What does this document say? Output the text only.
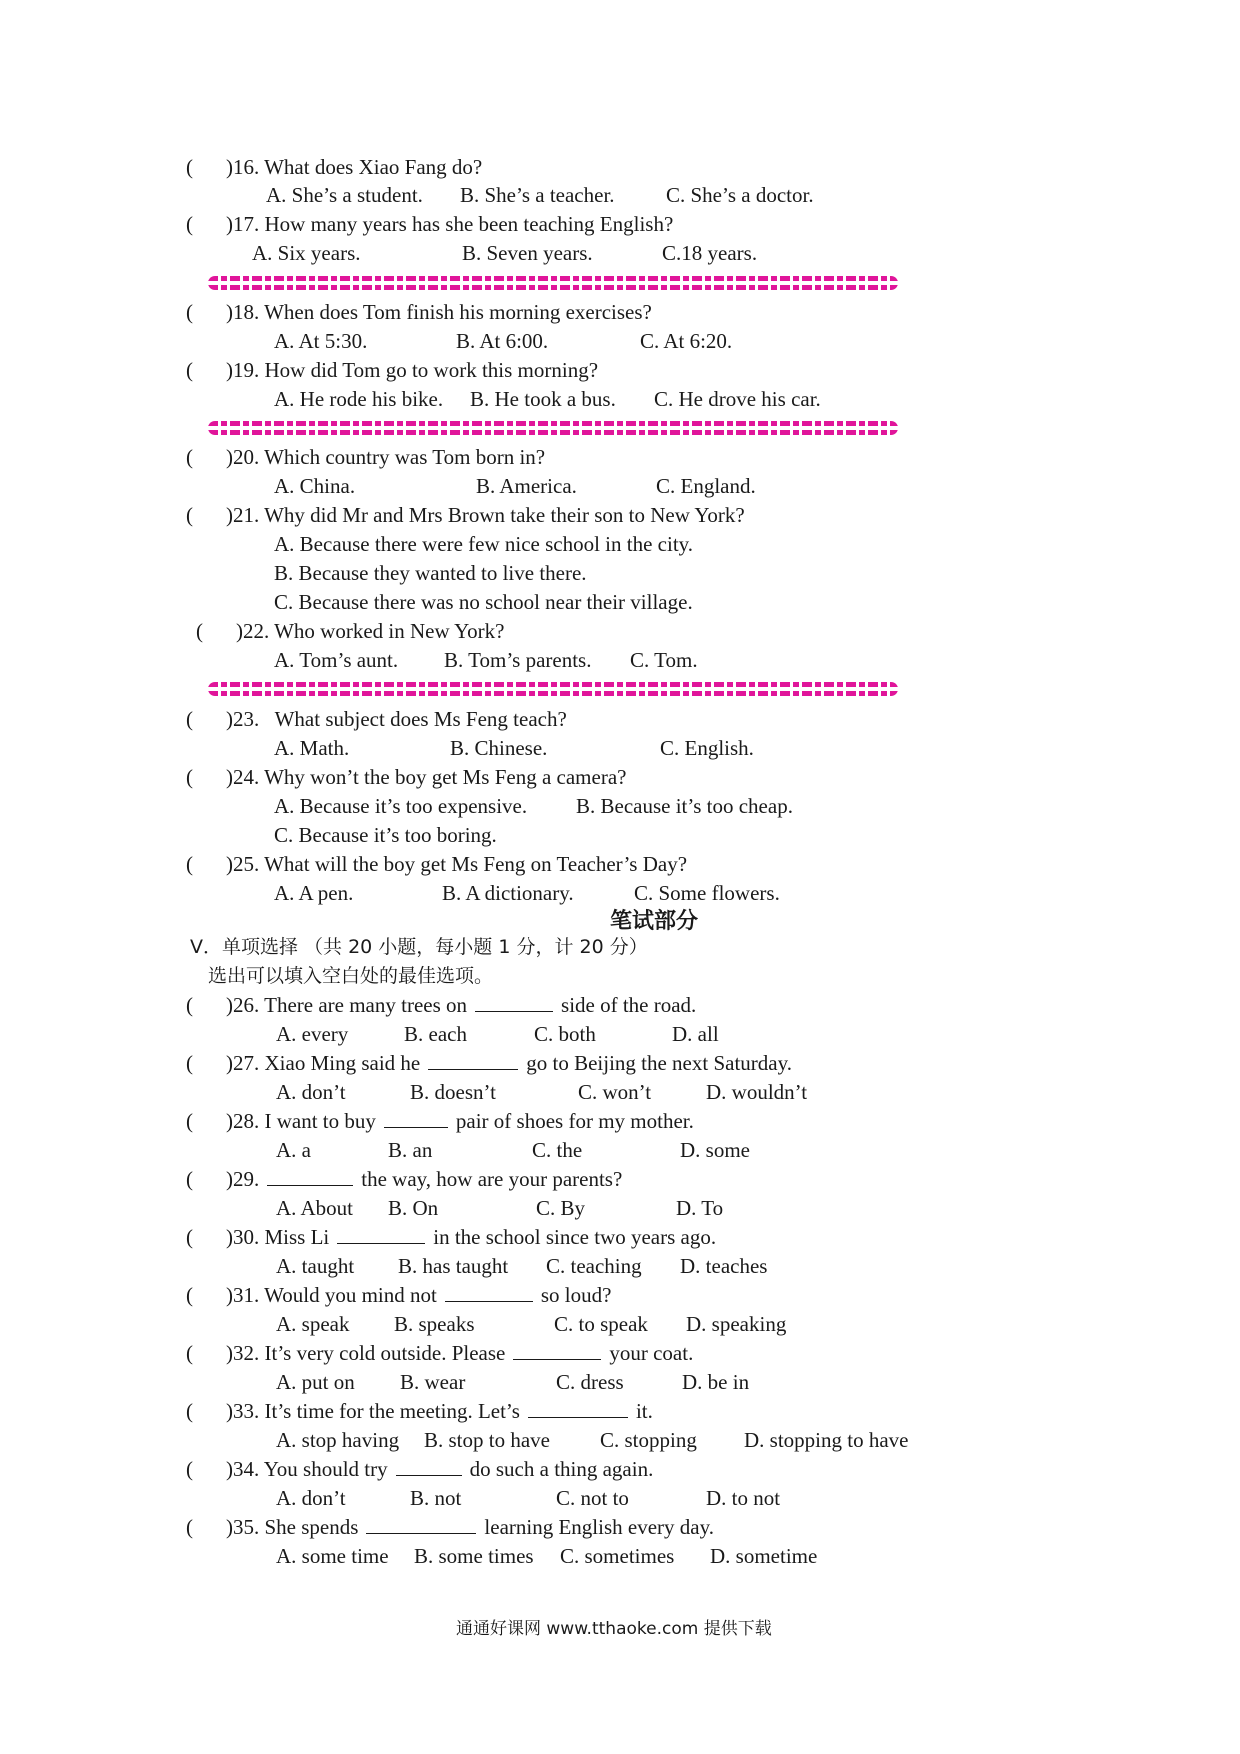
( )16. What does Xiao Fang do?
A. She’s a student. B. She’s a teacher. C. She’s a doctor.
( )17. How many years has she been teaching English?
A. Six years.	B. Seven years.	C.18 years.
( )18. When does Tom finish his morning exercises?
A. At 5:30.	B. At 6:00.	C. At 6:20.
( )19. How did Tom go to work this morning?
A. He rode his bike. B. He took a bus. C. He drove his car.
( )20. Which country was Tom born in?
A. China.	B. America.	C. England.
( )21. Why did Mr and Mrs Brown take their son to New York?
A. Because there were few nice school in the city.
B. Because they wanted to live there.
C. Because there was no school near their village.
( )22. Who worked in New York?
A. Tom’s aunt. B. Tom’s parents. C. Tom.
( )23.   What subject does Ms Feng teach?
A. Math.	B. Chinese.	C. English.
( )24. Why won’t the boy get Ms Feng a camera?
A. Because it’s too expensive. B. Because it’s too cheap.
C. Because it’s too boring.
( )25. What will the boy get Ms Feng on Teacher’s Day?
A. A pen.	B. A dictionary.	C. Some flowers.
笔试部分
V．单项选择 （共 20 小题，每小题 1 分，计 20 分）
选出可以填入空白处的最佳选项。
( )26. There are many trees on	side of the road.
A. every	B. each	C. both	D. all
( )27. Xiao Ming said he	go to Beijing the next Saturday.
A. don’t	B. doesn’t	C. won’t	D. wouldn’t
( )28. I want to buy	pair of shoes for my mother.
A. a	B. an	C. the	D. some
( )29.	the way, how are your parents?
A. About B. On	C. By	D. To
( )30. Miss Li	in the school since two years ago.
A. taught B. has taught C. teaching D. teaches
( )31. Would you mind not	so loud?
A. speak B. speaks	C. to speak D. speaking
( )32. It’s very cold outside. Please	your coat.
A. put on B. wear	C. dress	D. be in
( )33. It’s time for the meeting. Let’s	it.
A. stop having B. stop to have C. stopping D. stopping to have
( )34. You should try	do such a thing again.
A. don’t	B. not	C. not to	D. to not
( )35. She spends	learning English every day.
A. some time B. some times C. sometimes D. sometime
通通好课网 www.tthaoke.com 提供下载
